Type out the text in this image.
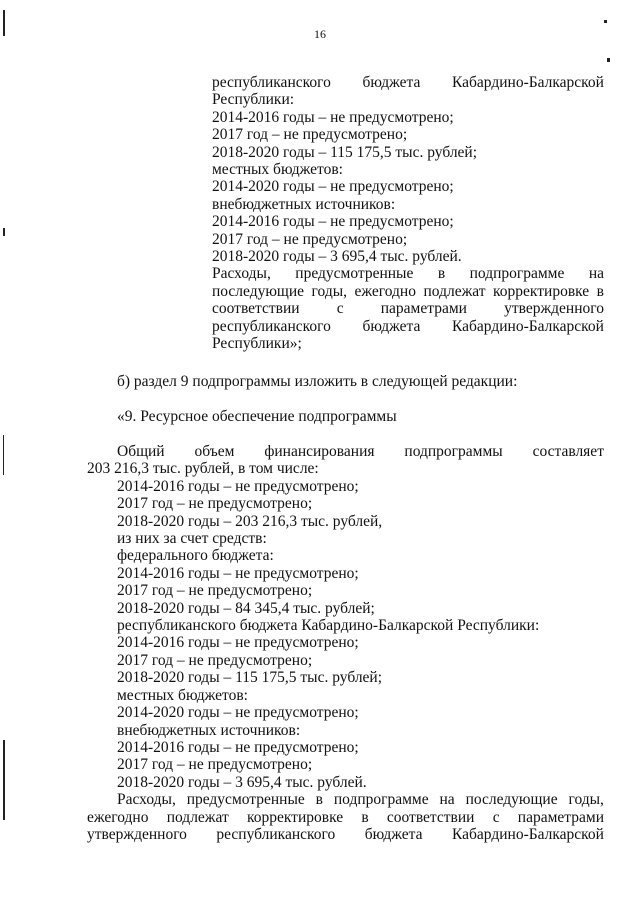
16
республиканского бюджета Кабардино-Балкарской
Республики:
2014-2016 годы – не предусмотрено;
2017 год – не предусмотрено;
2018-2020 годы – 115 175,5 тыс. рублей;
местных бюджетов:
2014-2020 годы – не предусмотрено;
внебюджетных источников:
2014-2016 годы – не предусмотрено;
2017 год – не предусмотрено;
2018-2020 годы – 3 695,4 тыс. рублей.
Расходы, предусмотренные в подпрограмме на
последующие годы, ежегодно подлежат корректировке в
соответствии с параметрами утвержденного
республиканского бюджета Кабардино-Балкарской
Республики»;
б) раздел 9 подпрограммы изложить в следующей редакции:
«9. Ресурсное обеспечение подпрограммы
Общий объем финансирования подпрограммы составляет
203 216,3 тыс. рублей, в том числе:
2014-2016 годы – не предусмотрено;
2017 год – не предусмотрено;
2018-2020 годы – 203 216,3 тыс. рублей,
из них за счет средств:
федерального бюджета:
2014-2016 годы – не предусмотрено;
2017 год – не предусмотрено;
2018-2020 годы – 84 345,4 тыс. рублей;
республиканского бюджета Кабардино-Балкарской Республики:
2014-2016 годы – не предусмотрено;
2017 год – не предусмотрено;
2018-2020 годы – 115 175,5 тыс. рублей;
местных бюджетов:
2014-2020 годы – не предусмотрено;
внебюджетных источников:
2014-2016 годы – не предусмотрено;
2017 год – не предусмотрено;
2018-2020 годы – 3 695,4 тыс. рублей.
Расходы, предусмотренные в подпрограмме на последующие годы,
ежегодно подлежат корректировке в соответствии с параметрами
утвержденного республиканского бюджета Кабардино-Балкарской
